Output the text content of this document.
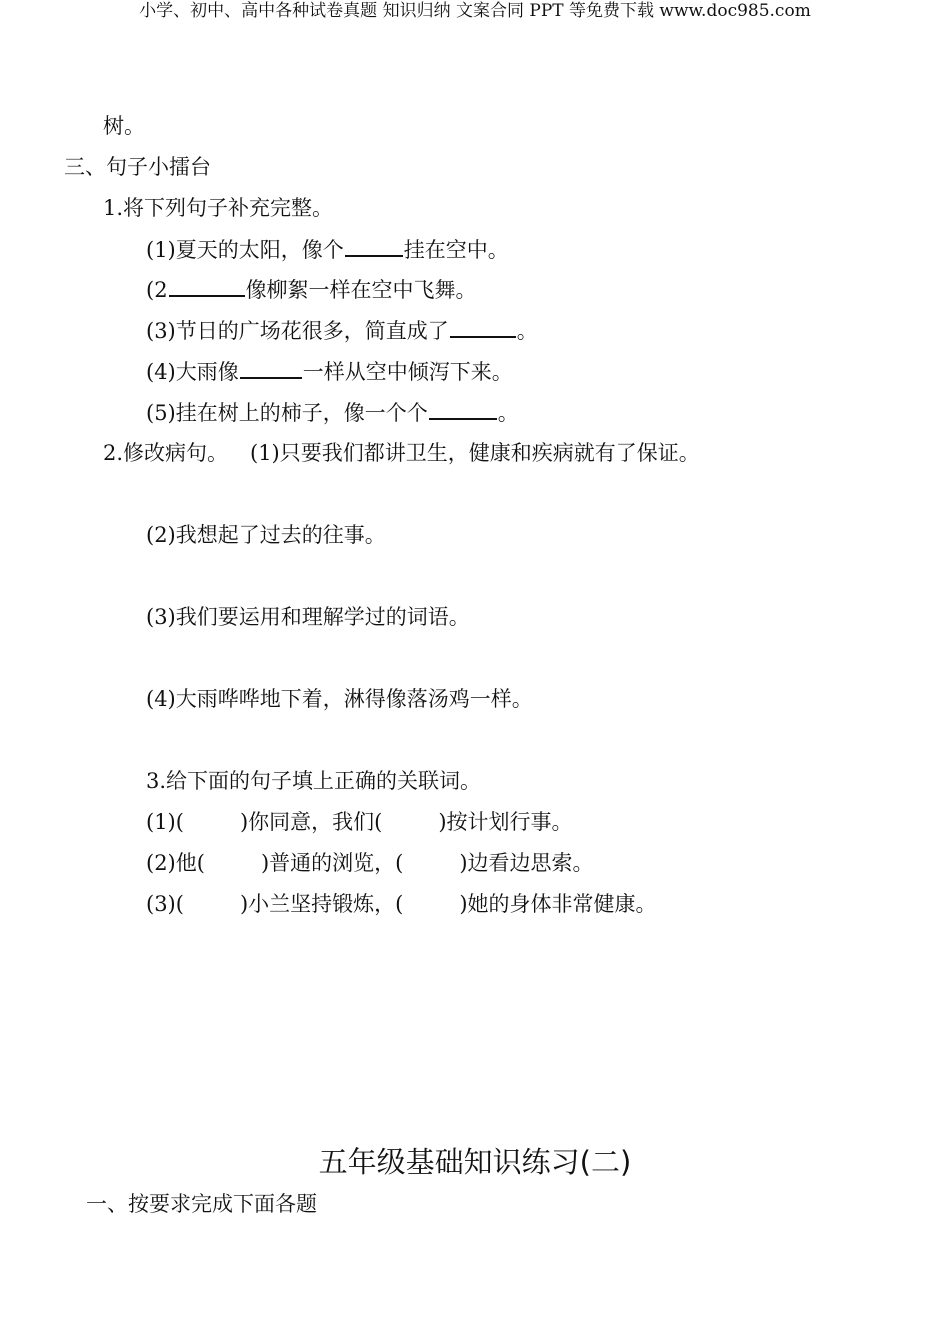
小学、初中、高中各种试卷真题 知识归纳 文案合同 PPT 等免费下载 www.doc985.com
树。
三、句子小擂台
1.将下列句子补充完整。
(1)夏天的太阳，像个	挂在空中。
(2	像柳絮一样在空中飞舞。
(3)节日的广场花很多，简直成了	。
(4)大雨像	一样从空中倾泻下来。
(5)挂在树上的柿子，像一个个	。
2.修改病句。 (1)只要我们都讲卫生，健康和疾病就有了保证。
(2)我想起了过去的往事。
(3)我们要运用和理解学过的词语。
(4)大雨哗哗地下着，淋得像落汤鸡一样。
3.给下面的句子填上正确的关联词。
(1)(	)你同意，我们(	)按计划行事。
(2)他(	)普通的浏览，(	)边看边思索。
(3)(	)小兰坚持锻炼，(	)她的身体非常健康。
五年级基础知识练习(二)
一、按要求完成下面各题
